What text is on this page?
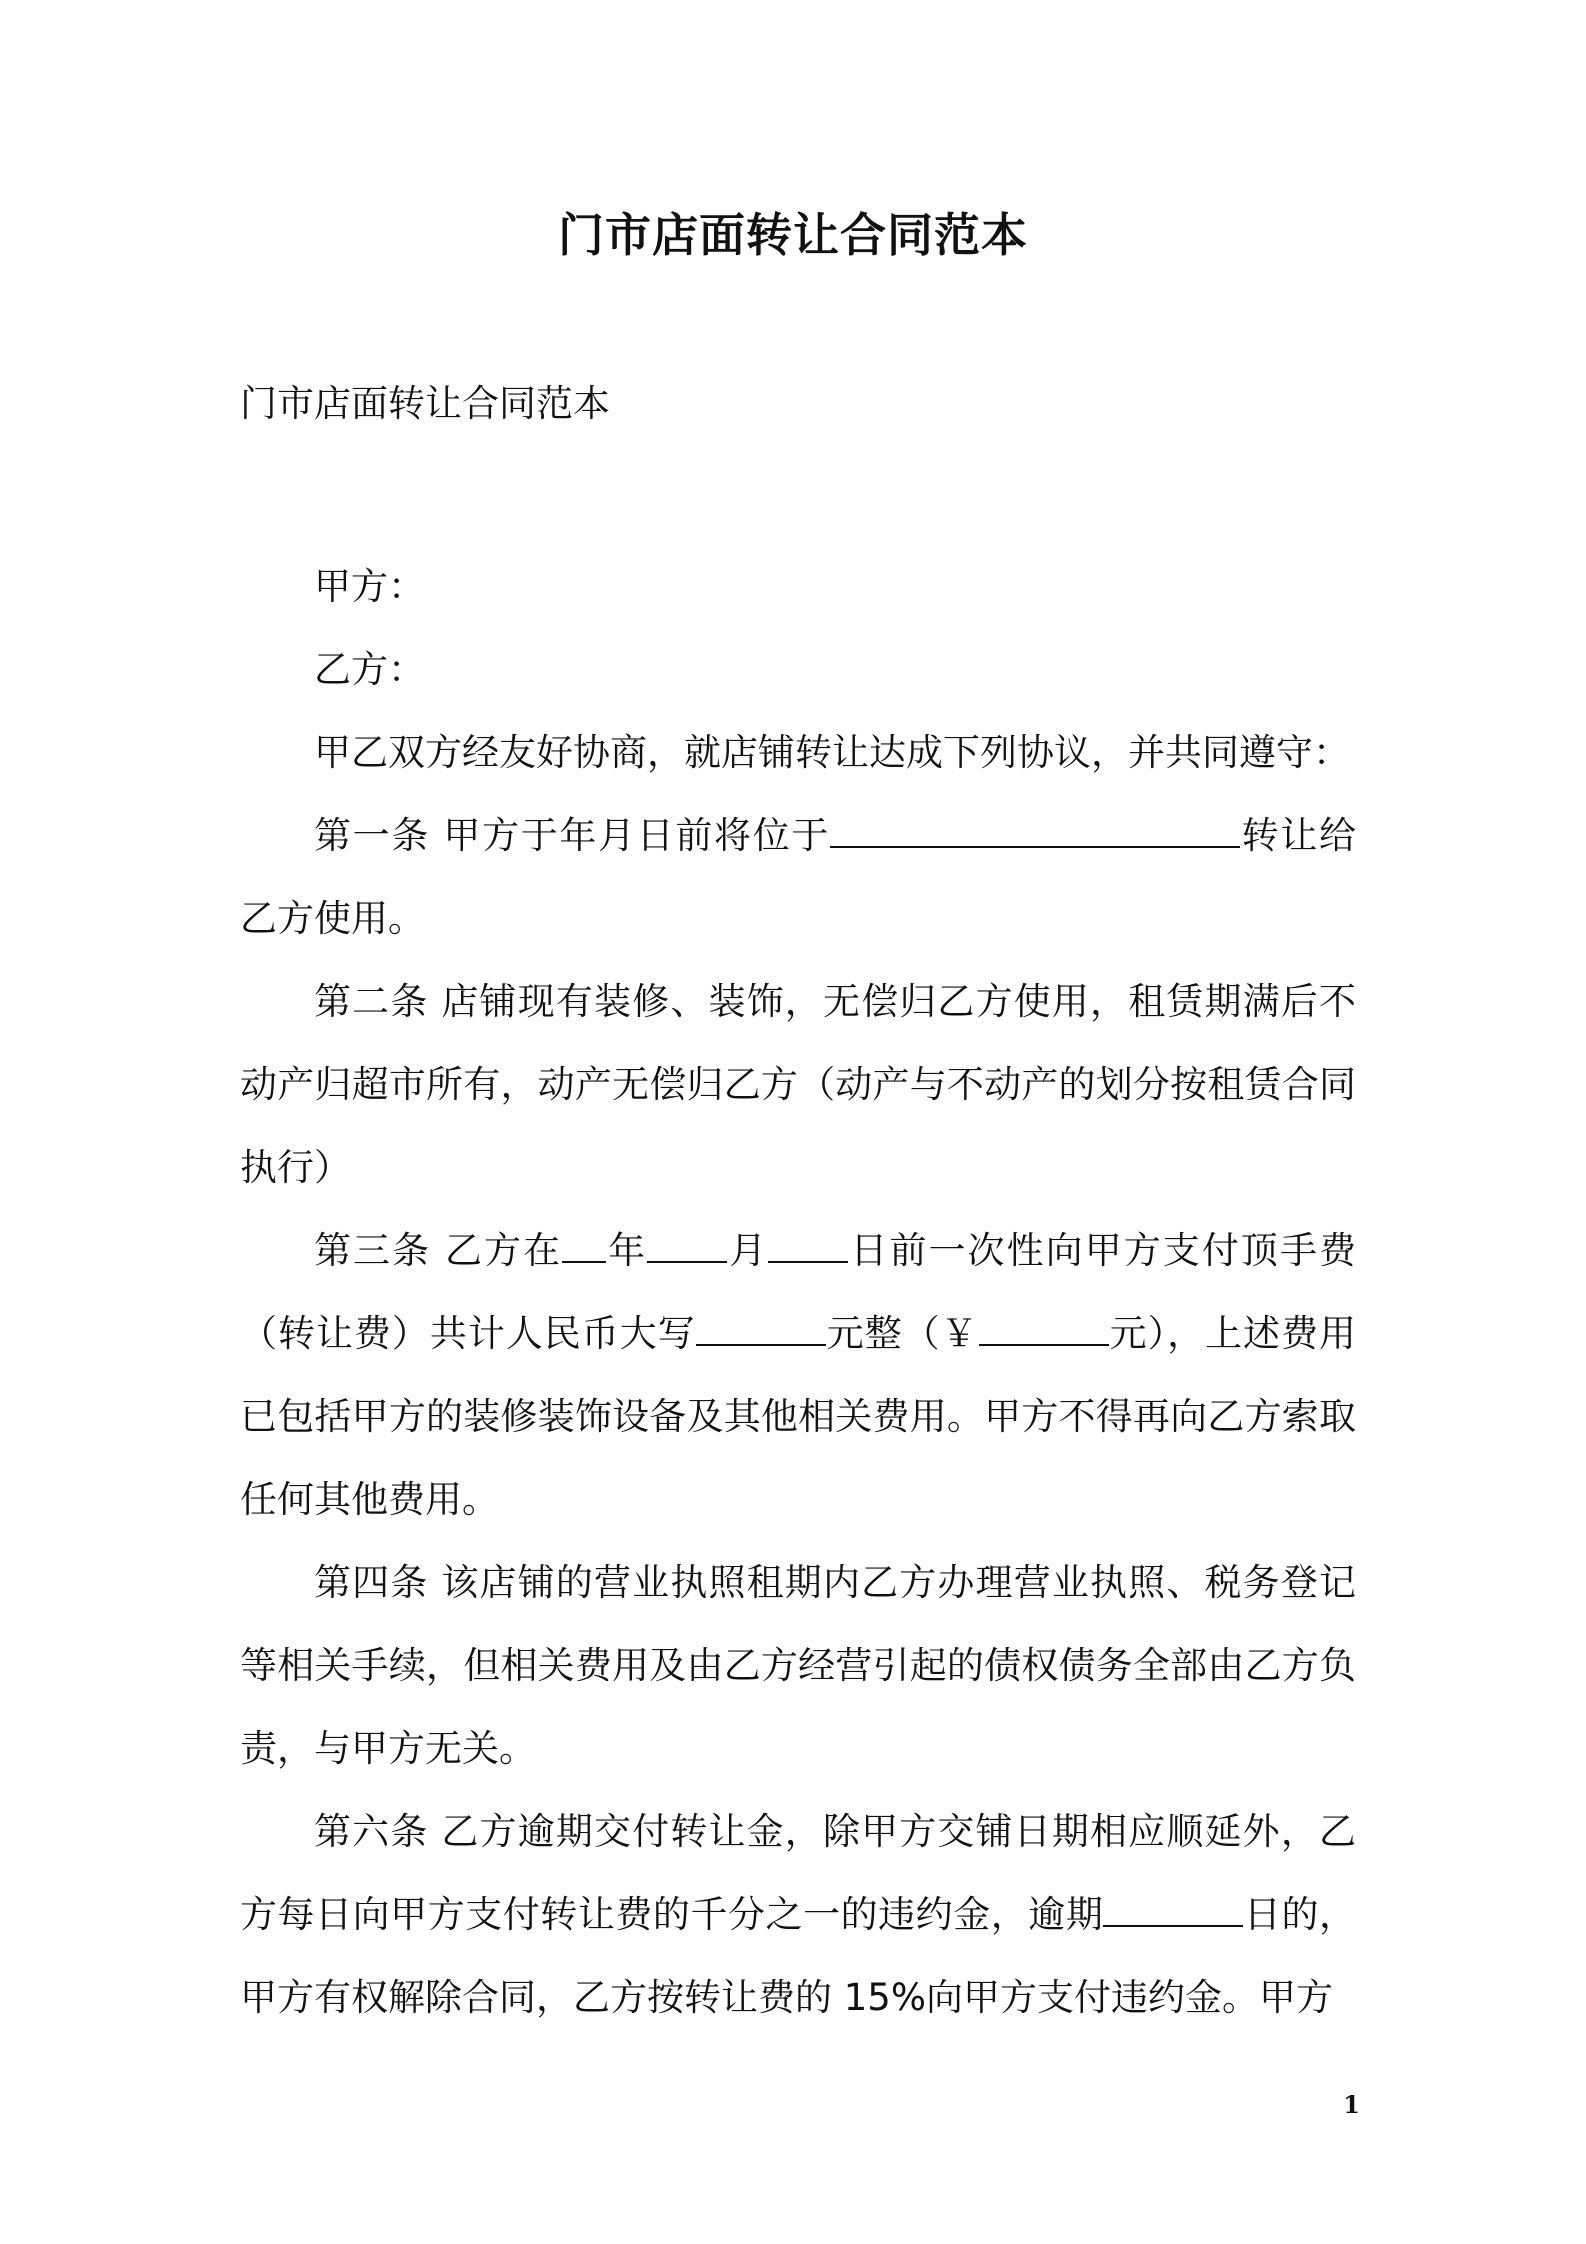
门市店面转让合同范本
门市店面转让合同范本

甲方：

乙方：

甲乙双方经友好协商，就店铺转让达成下列协议，并共同遵守：

第一条 甲方于年月日前将位于	转让给乙方使用。

第二条 店铺现有装修、装饰，无偿归乙方使用，租赁期满后不动产归超市所有，动产无偿归乙方（动产与不动产的划分按租赁合同执行）

第三条 乙方在 年 月 日前一次性向甲方支付顶手费（转让费）共计人民币大写	元整（￥	元），上述费用已包括甲方的装修装饰设备及其他相关费用。甲方不得再向乙方索取任何其他费用。

第四条 该店铺的营业执照租期内乙方办理营业执照、税务登记等相关手续，但相关费用及由乙方经营引起的债权债务全部由乙方负责，与甲方无关。

第六条 乙方逾期交付转让金，除甲方交铺日期相应顺延外，乙方每日向甲方支付转让费的千分之一的违约金，逾期	日的，甲方有权解除合同，乙方按转让费的 15%向甲方支付违约金。甲方

1
